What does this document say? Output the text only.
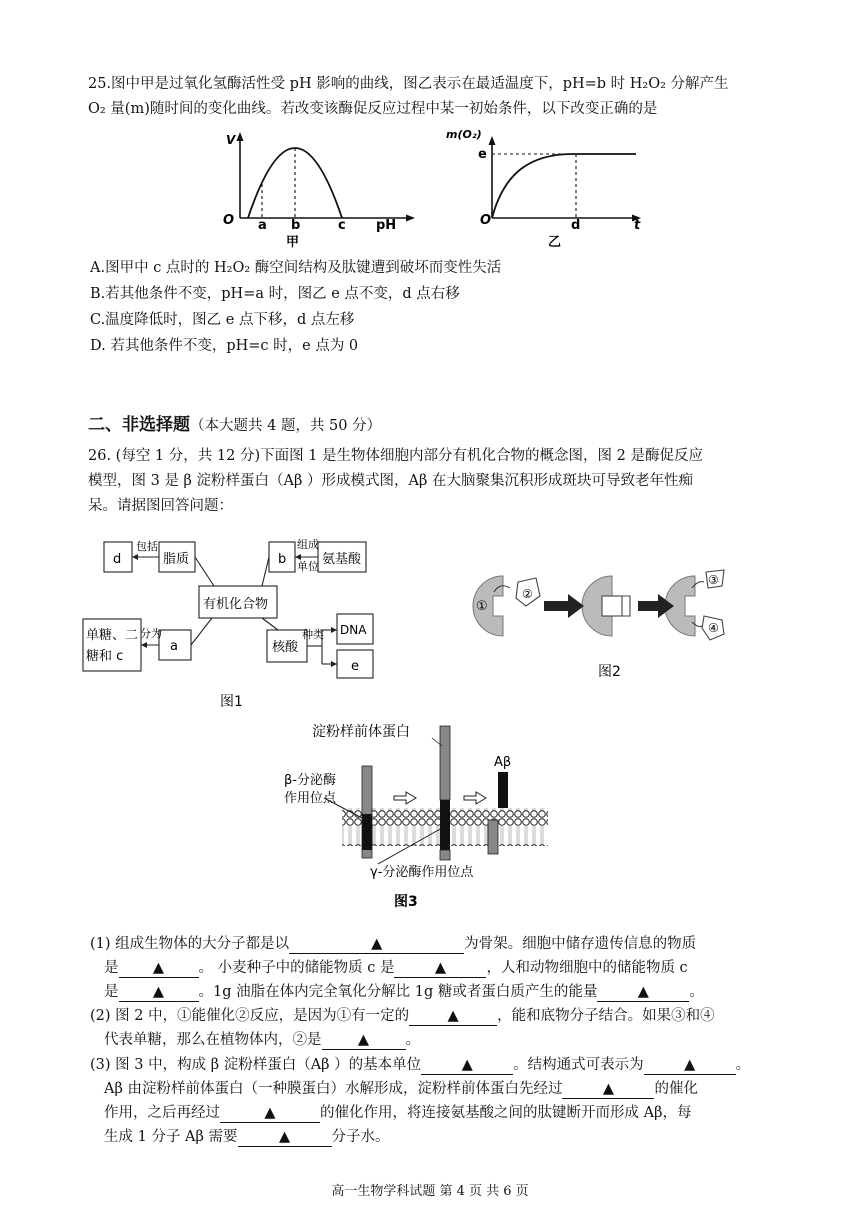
25.图中甲是过氧化氢酶活性受 pH 影响的曲线，图乙表示在最适温度下，pH=b 时 H₂O₂ 分解产生
O₂ 量(m)随时间的变化曲线。若改变该酶促反应过程中某一初始条件，以下改变正确的是
V
O a b	c pH
甲
m(O₂)
e
O	d	t
乙
A.图甲中 c 点时的 H₂O₂ 酶空间结构及肽键遭到破坏而变性失活
B.若其他条件不变，pH=a 时，图乙 e 点不变，d 点右移
C.温度降低时，图乙 e 点下移，d 点左移
D. 若其他条件不变，pH=c 时，e 点为 0
二、非选择题（本大题共 4 题，共 50 分）
26. (每空 1 分，共 12 分)下面图 1 是生物体细胞内部分有机化合物的概念图，图 2 是酶促反应
模型，图 3 是 β 淀粉样蛋白（Aβ ）形成模式图，Aβ 在大脑聚集沉积形成斑块可导致老年性痴
呆。请据图回答问题：
d
包括
脂质	b
组成
单位 氨基酸
有机化合物
单糖、二
糖和 c
分为
a	核酸
种类 DNA
e
图1
①
②
③
④
图2
淀粉样前体蛋白
β-分泌酶
作用位点
Aβ
γ-分泌酶作用位点
图3
(1) 组成生物体的大分子都是以	▲	为骨架。细胞中储存遗传信息的物质
是 ▲ 。 小麦种子中的储能物质 c 是	▲	，人和动物细胞中的储能物质 c
是 ▲ 。1g 油脂在体内完全氧化分解比 1g 糖或者蛋白质产生的能量	▲	。
(2) 图 2 中，①能催化②反应，是因为①有一定的	▲	，能和底物分子结合。如果③和④
代表单糖，那么在植物体内，②是	▲	。
(3) 图 3 中，构成 β 淀粉样蛋白（Aβ ）的基本单位	▲	。结构通式可表示为	▲	。
Aβ 由淀粉样前体蛋白（一种膜蛋白）水解形成，淀粉样前体蛋白先经过	▲	的催化
作用，之后再经过	▲	的催化作用，将连接氨基酸之间的肽键断开而形成 Aβ，每
生成 1 分子 Aβ 需要	▲	分子水。
高一生物学科试题 第 4 页 共 6 页
